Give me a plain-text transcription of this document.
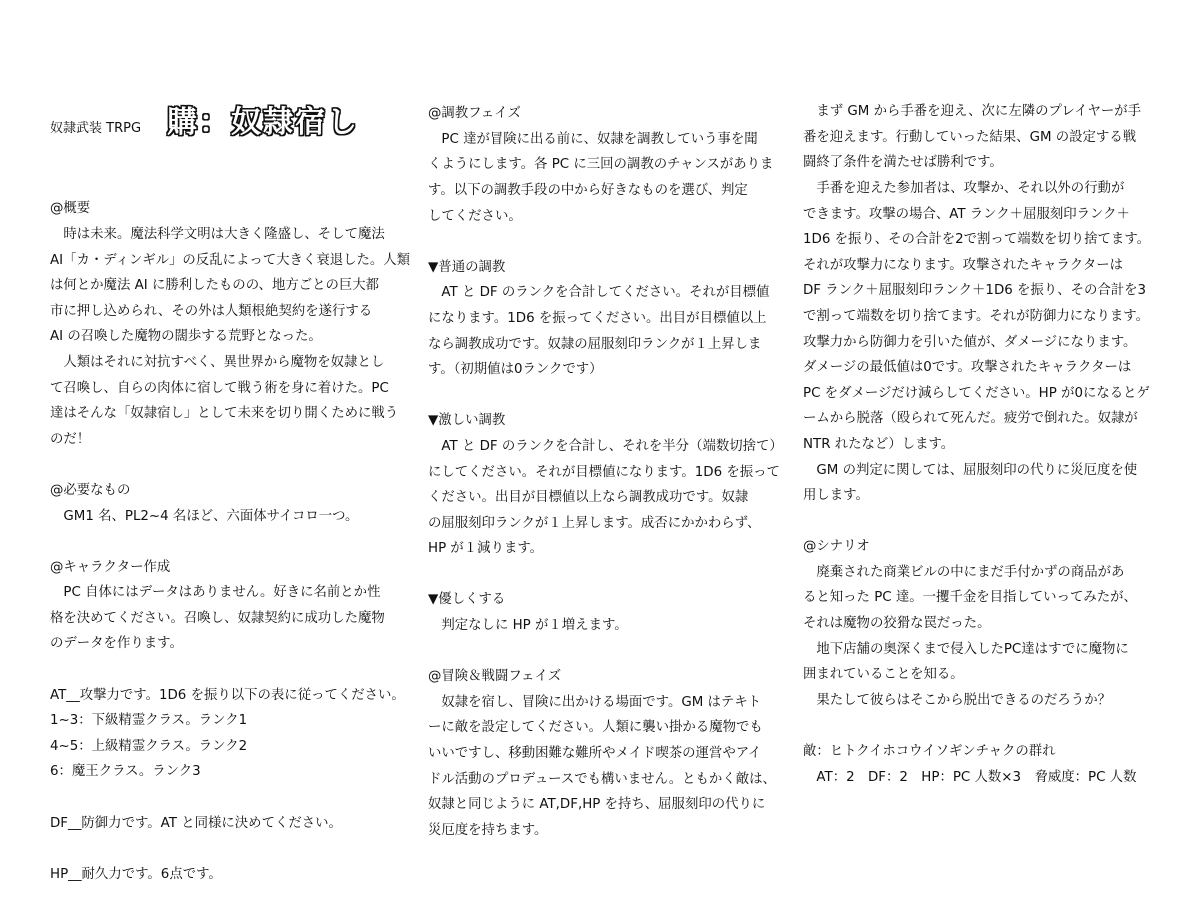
奴隷武装 TRPG

購：奴隷宿し

@概要
　時は未来。魔法科学文明は大きく隆盛し、そして魔法
AI「カ・ディンギル」の反乱によって大きく衰退した。人類
は何とか魔法 AI に勝利したものの、地方ごとの巨大都
市に押し込められ、その外は人類根絶契約を遂行する
AI の召喚した魔物の闊歩する荒野となった。
　人類はそれに対抗すべく、異世界から魔物を奴隷とし
て召喚し、自らの肉体に宿して戦う術を身に着けた。PC
達はそんな「奴隷宿し」として未来を切り開くために戦う
のだ！
@必要なもの
　GM1 名、PL2~4 名ほど、六面体サイコロ一つ。
@キャラクター作成
　PC 自体にはデータはありません。好きに名前とか性
格を決めてください。召喚し、奴隷契約に成功した魔物
のデータを作ります。
AT__攻撃力です。1D6 を振り以下の表に従ってください。
1~3：下級精霊クラス。ランク1
4~5：上級精霊クラス。ランク2
6：魔王クラス。ランク3
DF__防御力です。AT と同様に決めてください。
HP__耐久力です。6点です。

@調教フェイズ
　PC 達が冒険に出る前に、奴隷を調教していう事を聞
くようにします。各 PC に三回の調教のチャンスがありま
す。以下の調教手段の中から好きなものを選び、判定
してください。
▼普通の調教
　AT と DF のランクを合計してください。それが目標値
になります。1D6 を振ってください。出目が目標値以上
なら調教成功です。奴隷の屈服刻印ランクが１上昇しま
す。（初期値は0ランクです）
▼激しい調教
　AT と DF のランクを合計し、それを半分（端数切捨て）
にしてください。それが目標値になります。1D6 を振って
ください。出目が目標値以上なら調教成功です。奴隷
の屈服刻印ランクが１上昇します。成否にかかわらず、
HP が１減ります。
▼優しくする
　判定なしに HP が１増えます。
@冒険＆戦闘フェイズ
　奴隷を宿し、冒険に出かける場面です。GM はテキト
ーに敵を設定してください。人類に襲い掛かる魔物でも
いいですし、移動困難な難所やメイド喫茶の運営やアイ
ドル活動のプロデュースでも構いません。ともかく敵は、
奴隷と同じように AT,DF,HP を持ち、屈服刻印の代りに
災厄度を持ちます。

　まず GM から手番を迎え、次に左隣のプレイヤーが手
番を迎えます。行動していった結果、GM の設定する戦
闘終了条件を満たせば勝利です。
　手番を迎えた参加者は、攻撃か、それ以外の行動が
できます。攻撃の場合、AT ランク＋屈服刻印ランク＋
1D6 を振り、その合計を2で割って端数を切り捨てます。
それが攻撃力になります。攻撃されたキャラクターは
DF ランク＋屈服刻印ランク＋1D6 を振り、その合計を3
で割って端数を切り捨てます。それが防御力になります。
攻撃力から防御力を引いた値が、ダメージになります。
ダメージの最低値は0です。攻撃されたキャラクターは
PC をダメージだけ減らしてください。HP が0になるとゲ
ームから脱落（殴られて死んだ。疲労で倒れた。奴隷が
NTR れたなど）します。
　GM の判定に関しては、屈服刻印の代りに災厄度を使
用します。
@シナリオ
　廃棄された商業ビルの中にまだ手付かずの商品があ
ると知った PC 達。一攫千金を目指していってみたが、
それは魔物の狡猾な罠だった。
　地下店舗の奥深くまで侵入したPC達はすでに魔物に
囲まれていることを知る。
　果たして彼らはそこから脱出できるのだろうか？
敵：ヒトクイホコウイソギンチャクの群れ
　AT：2　DF：2　HP：PC 人数×3　脅威度：PC 人数
